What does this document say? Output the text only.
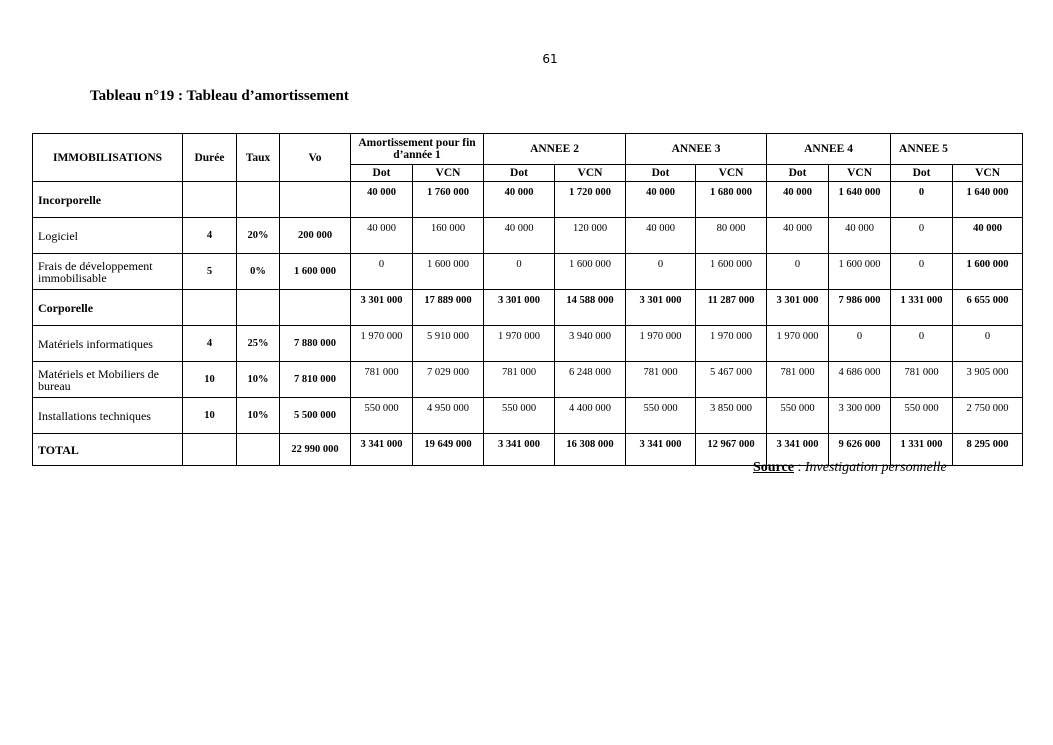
61
Tableau n°19 : Tableau d’amortissement
IMMOBILISATIONS	Durée	Taux	Vo	Amortissement pour fin d’année 1		ANNEE 2		ANNEE 3		ANNEE 4		ANNEE 5	
				Dot	VCN	Dot	VCN	Dot	VCN	Dot	VCN	Dot	VCN
Incorporelle				40 000	1 760 000	40 000	1 720 000	40 000	1 680 000	40 000	1 640 000	0	1 640 000
Logiciel	4	20%	200 000	40 000	160 000	40 000	120 000	40 000	80 000	40 000	40 000	0	40 000
Frais de développement immobilisable	5	0%	1 600 000	0	1 600 000	0	1 600 000	0	1 600 000	0	1 600 000	0	1 600 000
Corporelle				3 301 000	17 889 000	3 301 000	14 588 000	3 301 000	11 287 000	3 301 000	7 986 000	1 331 000	6 655 000
Matériels informatiques	4	25%	7 880 000	1 970 000	5 910 000	1 970 000	3 940 000	1 970 000	1 970 000	1 970 000	0	0	0
Matériels et Mobiliers de bureau	10	10%	7 810 000	781 000	7 029 000	781 000	6 248 000	781 000	5 467 000	781 000	4 686 000	781 000	3 905 000
Installations techniques	10	10%	5 500 000	550 000	4 950 000	550 000	4 400 000	550 000	3 850 000	550 000	3 300 000	550 000	2 750 000
TOTAL			22 990 000	3 341 000	19 649 000	3 341 000	16 308 000	3 341 000	12 967 000	3 341 000	9 626 000	1 331 000	8 295 000
Source : Investigation personnelle
